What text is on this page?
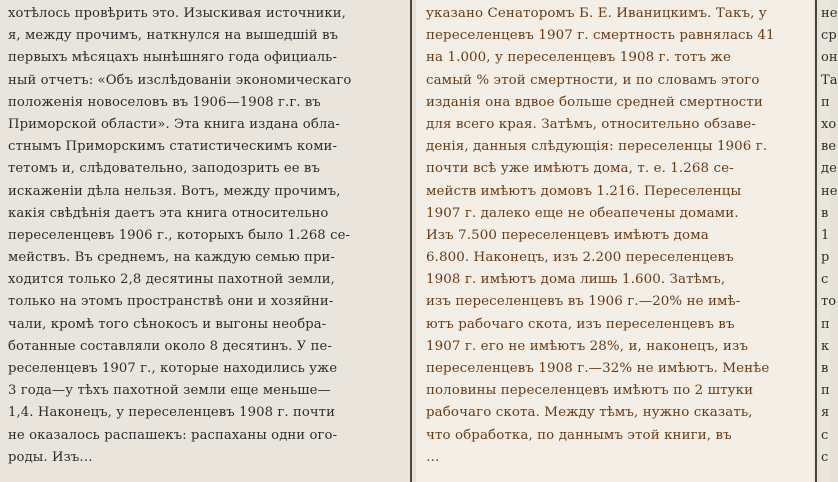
хотѣлось провѣрить это. Изыскивая источники,
я, между прочимъ, наткнулся на вышедшій въ
первыхъ мѣсяцахъ нынѣшняго года официаль-
ный отчетъ: «Объ изслѣдованіи экономическаго
положенія новоселовъ въ 1906—1908 г.г. въ
Приморской области». Эта книга издана обла-
стнымъ Приморскимъ статистическимъ коми-
тетомъ и, слѣдовательно, заподозрить ее въ
искаженіи дѣла нельзя. Вотъ, между прочимъ,
какія свѣдѣнія даетъ эта книга относительно
переселенцевъ 1906 г., которыхъ было 1.268 се-
мействъ. Въ среднемъ, на каждую семью при-
ходится только 2,8 десятины пахотной земли,
только на этомъ пространствѣ они и хозяйни-
чали, кромѣ того сѣнокосъ и выгоны необра-
ботанные составляли около 8 десятинъ. У пе-
реселенцевъ 1907 г., которые находились уже
3 года—у тѣхъ пахотной земли еще меньше—
1,4. Наконецъ, у переселенцевъ 1908 г. почти
не оказалось распашекъ: распаханы одни ого-
роды. Изъ…
указано Сенаторомъ Б. Е. Иваницкимъ. Такъ, у
переселенцевъ 1907 г. смертность равнялась 41
на 1.000, у переселенцевъ 1908 г. тотъ же
самый % этой смертности, и по словамъ этого
изданія она вдвое больше средней смертности
для всего края. Затѣмъ, относительно обзаве-
денія, данныя слѣдующія: переселенцы 1906 г.
почти всѣ уже имѣютъ дома, т. е. 1.268 се-
мейств имѣютъ домовъ 1.216. Переселенцы
1907 г. далеко еще не обеапечены домами.
Изъ 7.500 переселенцевъ имѣютъ дома
6.800. Наконецъ, изъ 2.200 переселенцевъ
1908 г. имѣютъ дома лишь 1.600. Затѣмъ,
изъ переселенцевъ въ 1906 г.—20% не имѣ-
ютъ рабочаго скота, изъ переселенцевъ въ
1907 г. его не имѣютъ 28%, и, наконецъ, изъ
переселенцевъ 1908 г.—32% не имѣютъ. Менѣе
половины переселенцевъ имѣютъ по 2 штуки
рабочаго скота. Между тѣмъ, нужно сказать,
что обработка, по даннымъ этой книги, въ
…
не
ср
он
Та
п
хо
ве
де
не
в
1
р
с
то
п
к
в
п
я
с
с
